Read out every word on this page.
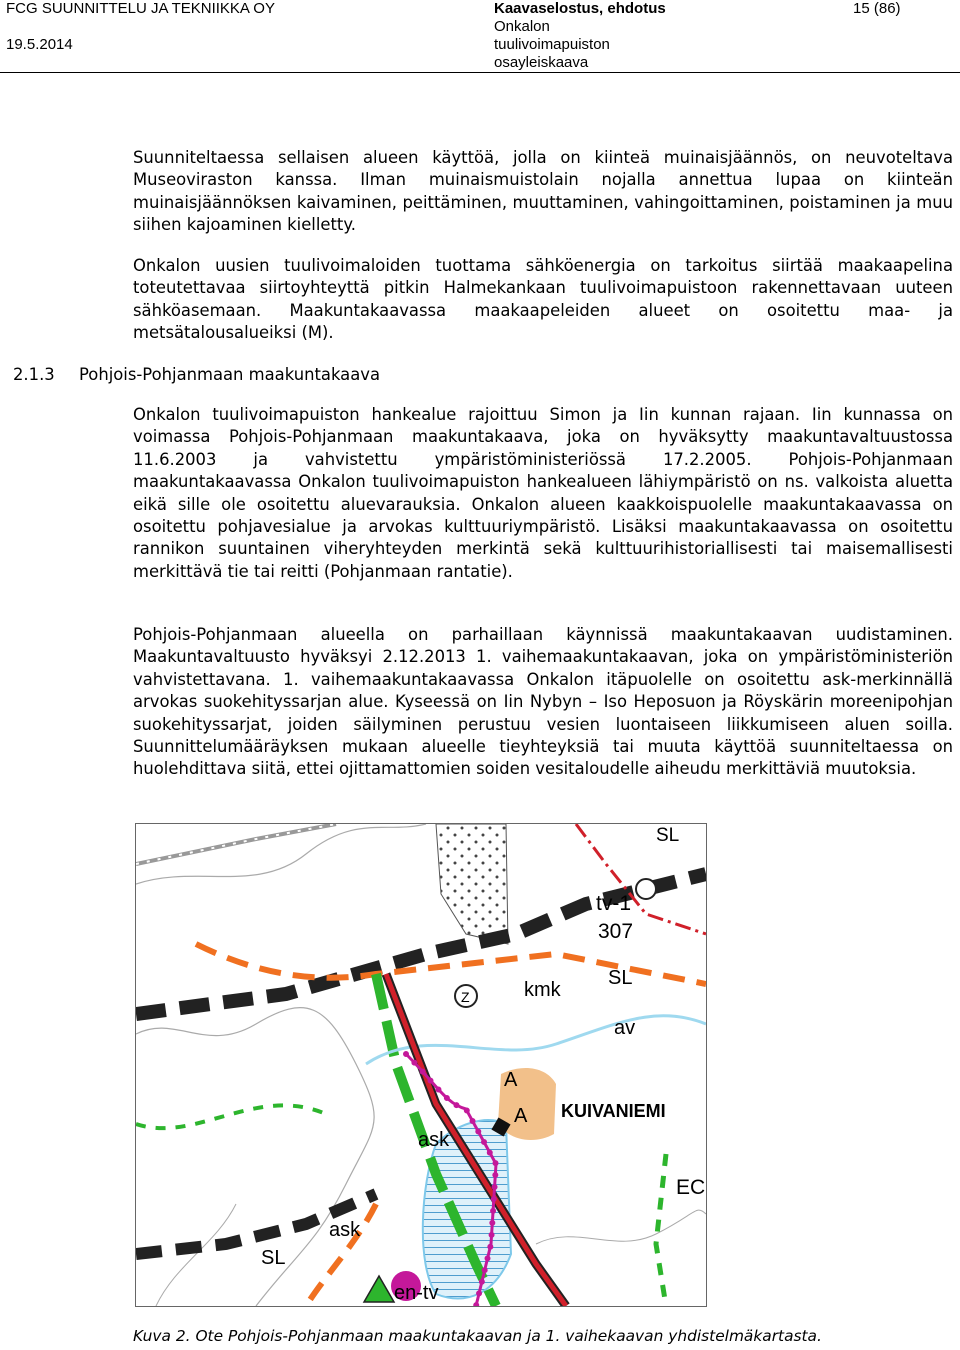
FCG SUUNNITTELU JA TEKNIIKKA OY
19.5.2014
Kaavaselostus, ehdotus
Onkalon
tuulivoimapuiston
osayleiskaava
15 (86)

Suunniteltaessa sellaisen alueen käyttöä, jolla on kiinteä muinaisjäännös, on neuvoteltava Museoviraston kanssa. Ilman muinaismuistolain nojalla annettua lupaa on kiinteän muinaisjäännöksen kaivaminen, peittäminen, muuttaminen, vahingoittaminen, poistaminen ja muu siihen kajoaminen kielletty.

Onkalon uusien tuulivoimaloiden tuottama sähköenergia on tarkoitus siirtää maakaapelina toteutettavaa siirtoyhteyttä pitkin Halmekankaan tuulivoimapuistoon rakennettavaan uuteen sähköasemaan. Maakuntakaavassa maakaapeleiden alueet on osoitettu maa- ja metsätalousalueiksi (M).

2.1.3 Pohjois-Pohjanmaan maakuntakaava

Onkalon tuulivoimapuiston hankealue rajoittuu Simon ja Iin kunnan rajaan. Iin kunnassa on voimassa Pohjois-Pohjanmaan maakuntakaava, joka on hyväksytty maakuntavaltuustossa 11.6.2003 ja vahvistettu ympäristöministeriössä 17.2.2005. Pohjois-Pohjanmaan maakuntakaavassa Onkalon tuulivoimapuiston hankealueen lähiympäristö on ns. valkoista aluetta eikä sille ole osoitettu aluevarauksia. Onkalon alueen kaakkoispuolelle maakuntakaavassa on osoitettu pohjavesialue ja arvokas kulttuuriympäristö. Lisäksi maakuntakaavassa on osoitettu rannikon suuntainen viheryhteyden merkintä sekä kulttuurihistoriallisesti tai maisemallisesti merkittävä tie tai reitti (Pohjanmaan rantatie).

Pohjois-Pohjanmaan alueella on parhaillaan käynnissä maakuntakaavan uudistaminen. Maakuntavaltuusto hyväksyi 2.12.2013 1. vaihemaakuntakaavan, joka on ympäristöministeriön vahvistettavana. 1. vaihemaakuntakaavassa Onkalon itäpuolelle on osoitettu ask-merkinnällä arvokas suokehityssarjan alue. Kyseessä on Iin Nybyn – Iso Heposuon ja Röyskärin moreenipohjan suokehityssarjat, joiden säilyminen perustuu vesien luontaiseen liikkumiseen aluen soilla. Suunnittelumääräyksen mukaan alueelle tieyhteyksiä tai muuta käyttöä suunniteltaessa on huolehdittava siitä, ettei ojittamattomien soiden vesitaloudelle aiheudu merkittäviä muutoksia.

Z
SL
tv-1
307
kmk
SL
av
A
A KUIVANIEMI
ask
ask
EC
SL
en-tv

Kuva 2. Ote Pohjois-Pohjanmaan maakuntakaavan ja 1. vaihekaavan yhdistelmäkartasta.
